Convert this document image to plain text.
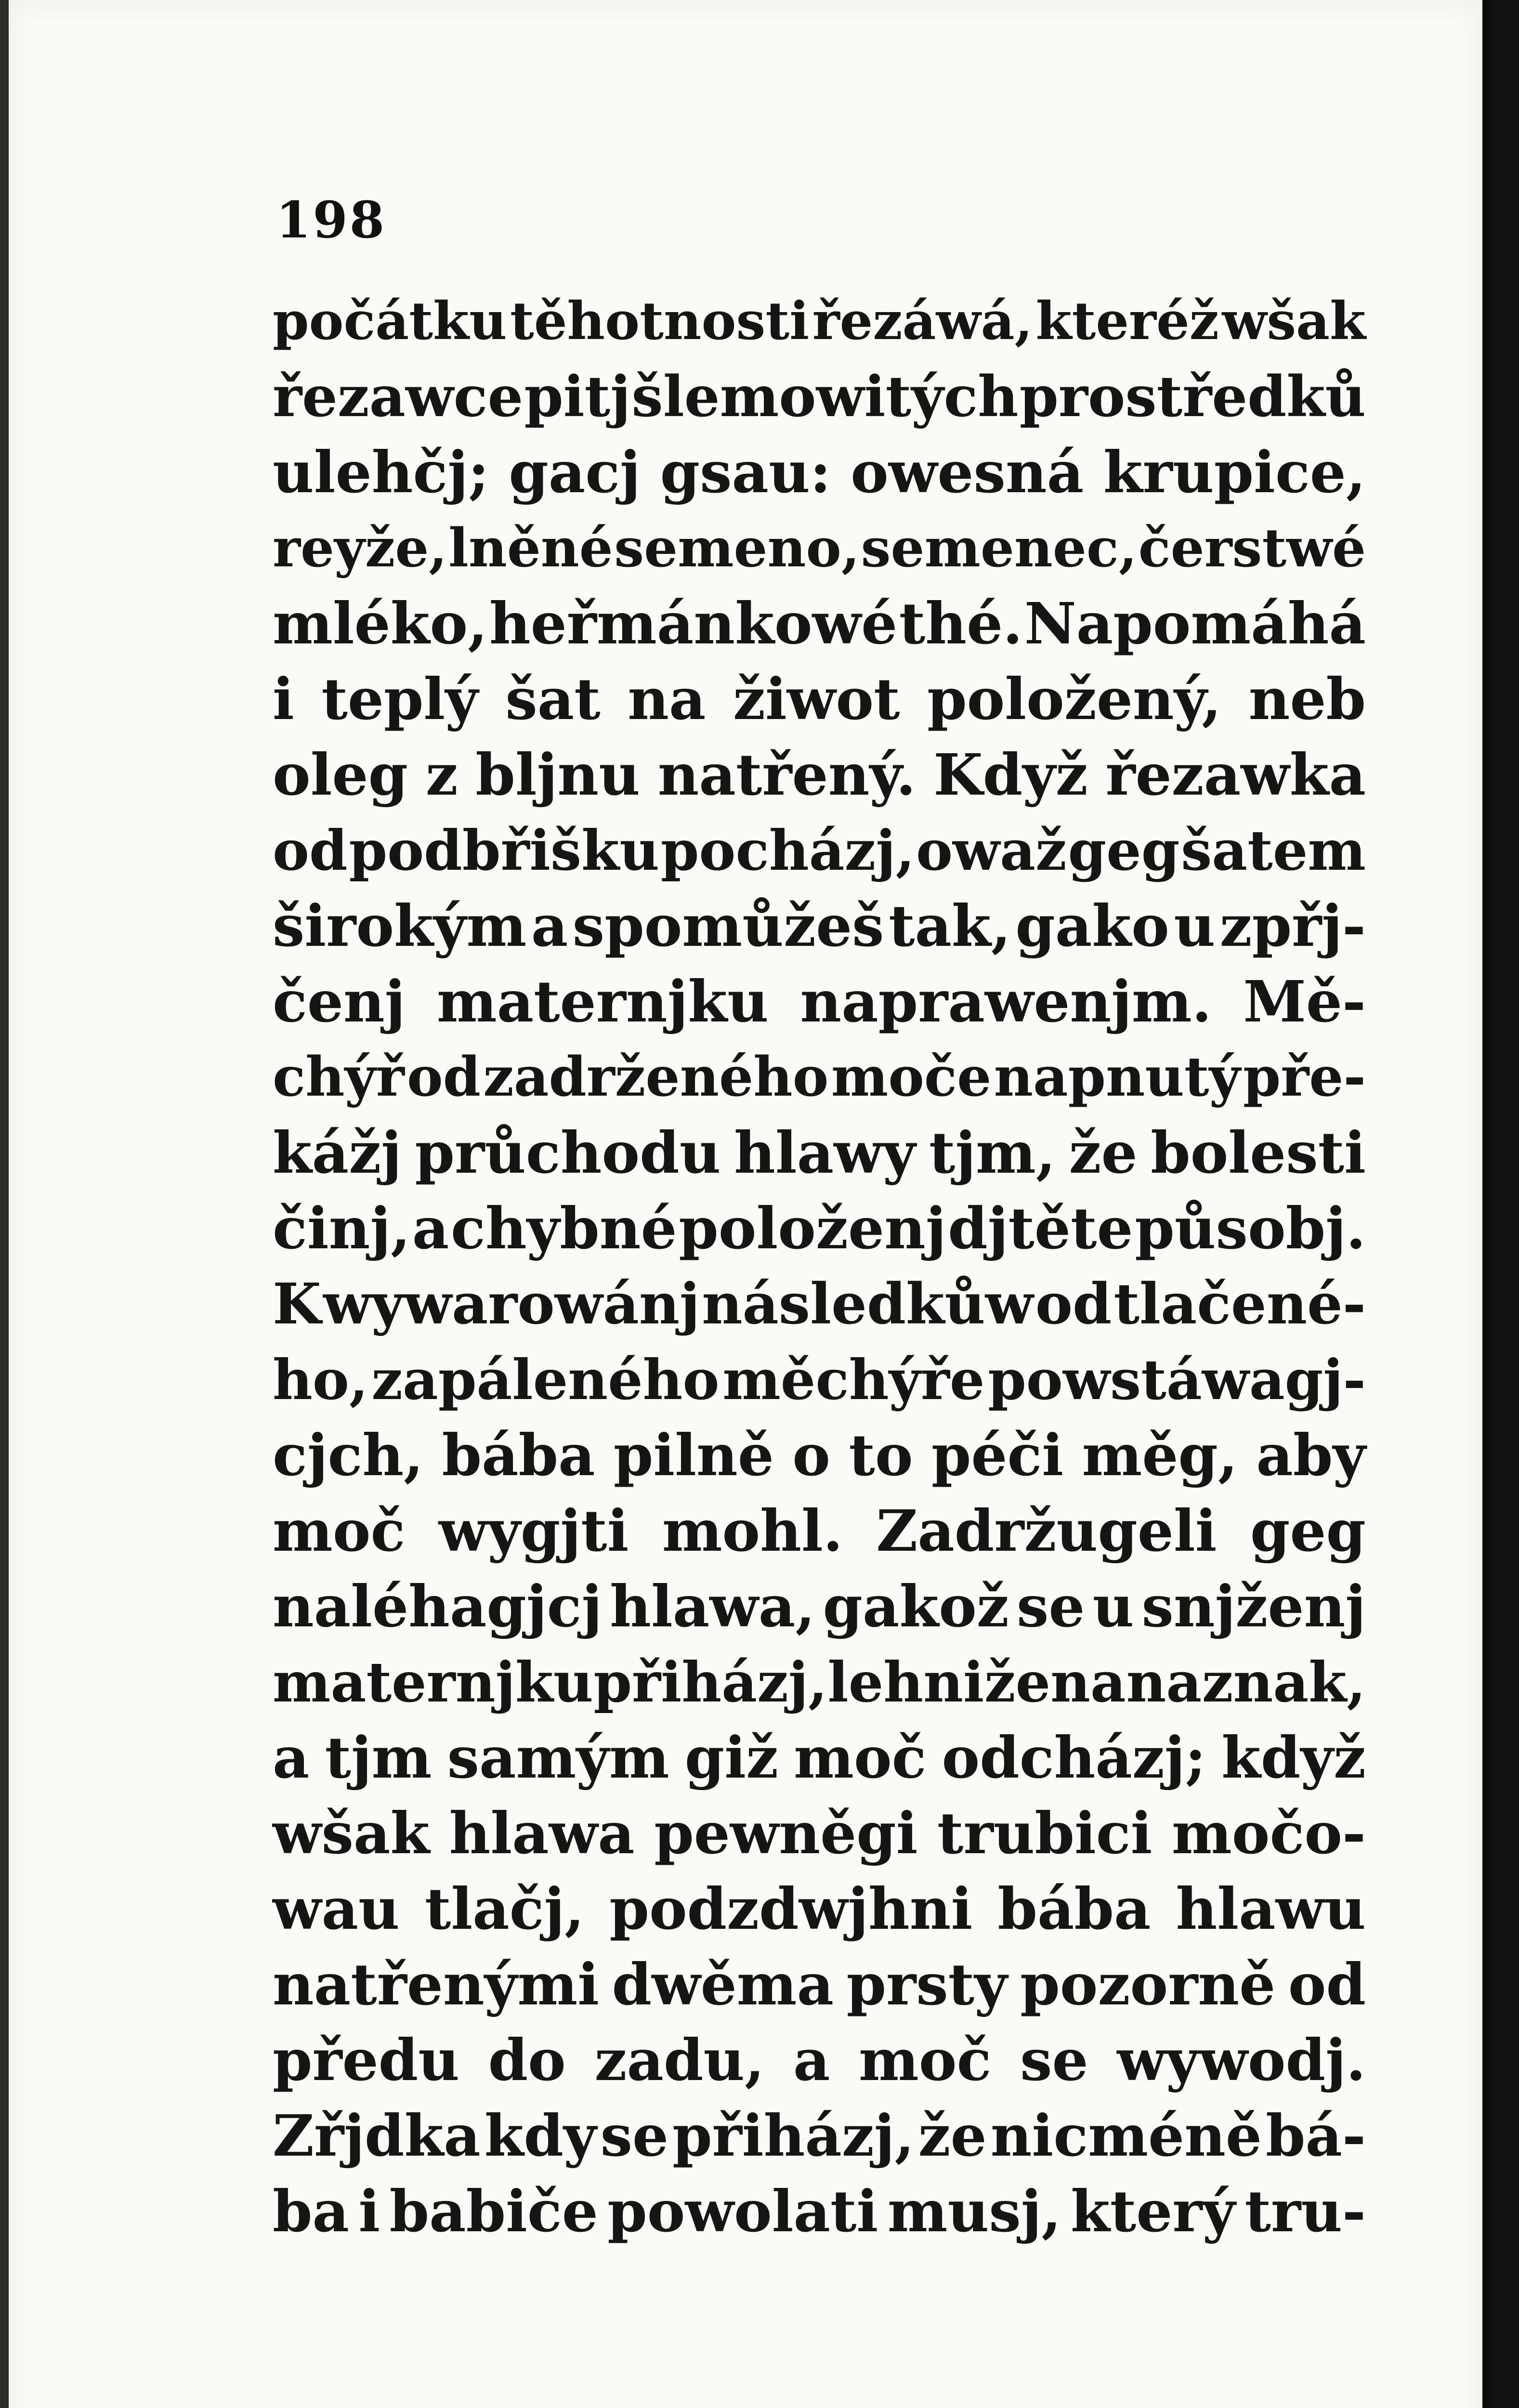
198
počátku těhotnosti řezáwá, kteréž wšak
řezawce pitj šlemowitých prostředků
ulehčj; gacj gsau: owesná krupice,
reyže, lněné semeno, semenec, čerstwé
mléko, heřmánkowé thé. Napomáhá
i teplý šat na žiwot položený, neb
oleg z bljnu natřený. Když řezawka
od podbřišku pocházj, owaž geg šatem
širokým a spomůžeš tak, gako u zpřj-
čenj maternjku naprawenjm. Mě-
chýř od zadrženého moče napnutý pře-
kážj průchodu hlawy tjm, že bolesti
činj, a chybné položenj djtěte působj.
K wywarowánj následkůw od tlačené-
ho, zapáleného měchýře powstáwagj-
cjch, bába pilně o to péči měg, aby
moč wygjti mohl. Zadržugeli geg
naléhagjcj hlawa, gakož se u snjženj
maternjku přiházj, lehni žena na znak,
a tjm samým giž moč odcházj; když
wšak hlawa pewněgi trubici močo-
wau tlačj, podzdwjhni bába hlawu
natřenými dwěma prsty pozorně od
předu do zadu, a moč se wywodj.
Zřjdka kdy se přiházj, že nicméně bá-
ba i babiče powolati musj, který tru-
